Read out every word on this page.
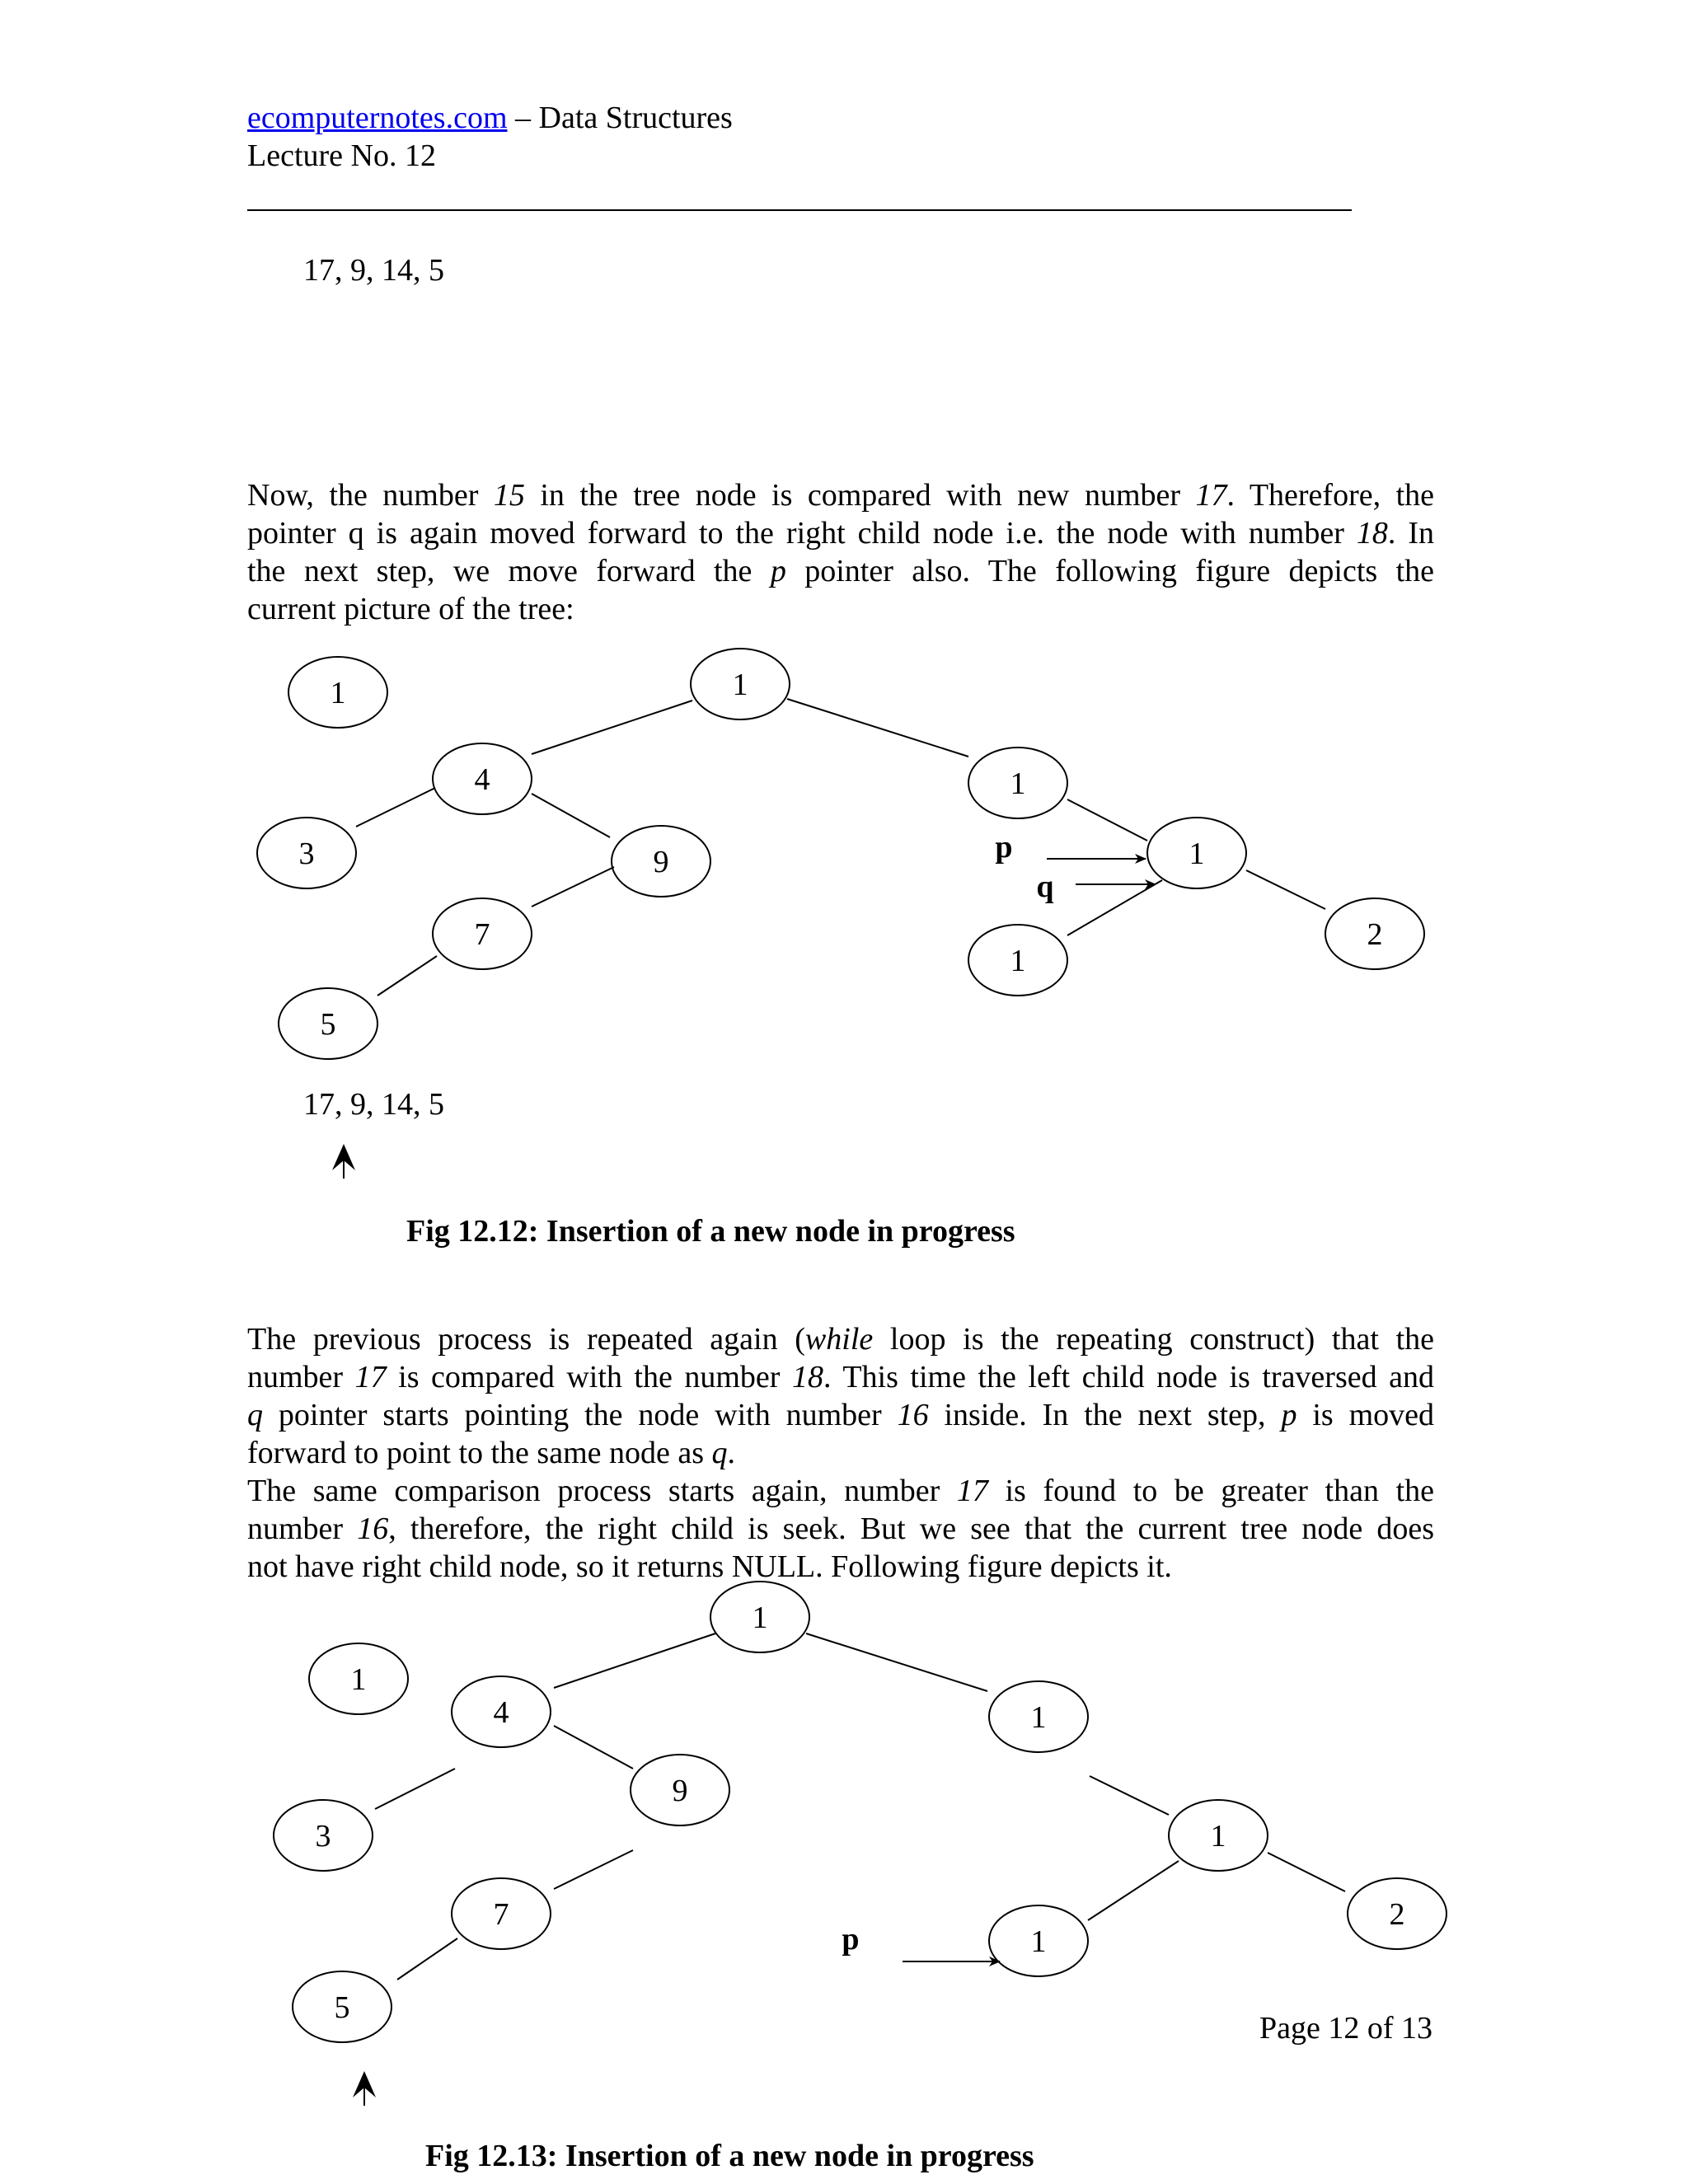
ecomputernotes.com – Data Structures
Lecture No. 12
17, 9, 14, 5
Now, the number 15 in the tree node is compared with new number 17. Therefore, the
pointer q is again moved forward to the right child node i.e. the node with number 18. In
the next step, we move forward the p pointer also. The following figure depicts the
current picture of the tree:
1	1
4	1
3	9	1
7
1
2
5
p
q
17, 9, 14, 5
Fig 12.12: Insertion of a new node in progress
The previous process is repeated again (while loop is the repeating construct) that the
number 17 is compared with the number 18. This time the left child node is traversed and
q pointer starts pointing the node with number 16 inside. In the next step, p is moved
forward to point to the same node as q.
The same comparison process starts again, number 17 is found to be greater than the
number 16, therefore, the right child is seek. But we see that the current tree node does
not have right child node, so it returns NULL. Following figure depicts it.
1
1
4	1
9
3	1
7	2
1
5
p
Page 12 of 13
Fig 12.13: Insertion of a new node in progress
